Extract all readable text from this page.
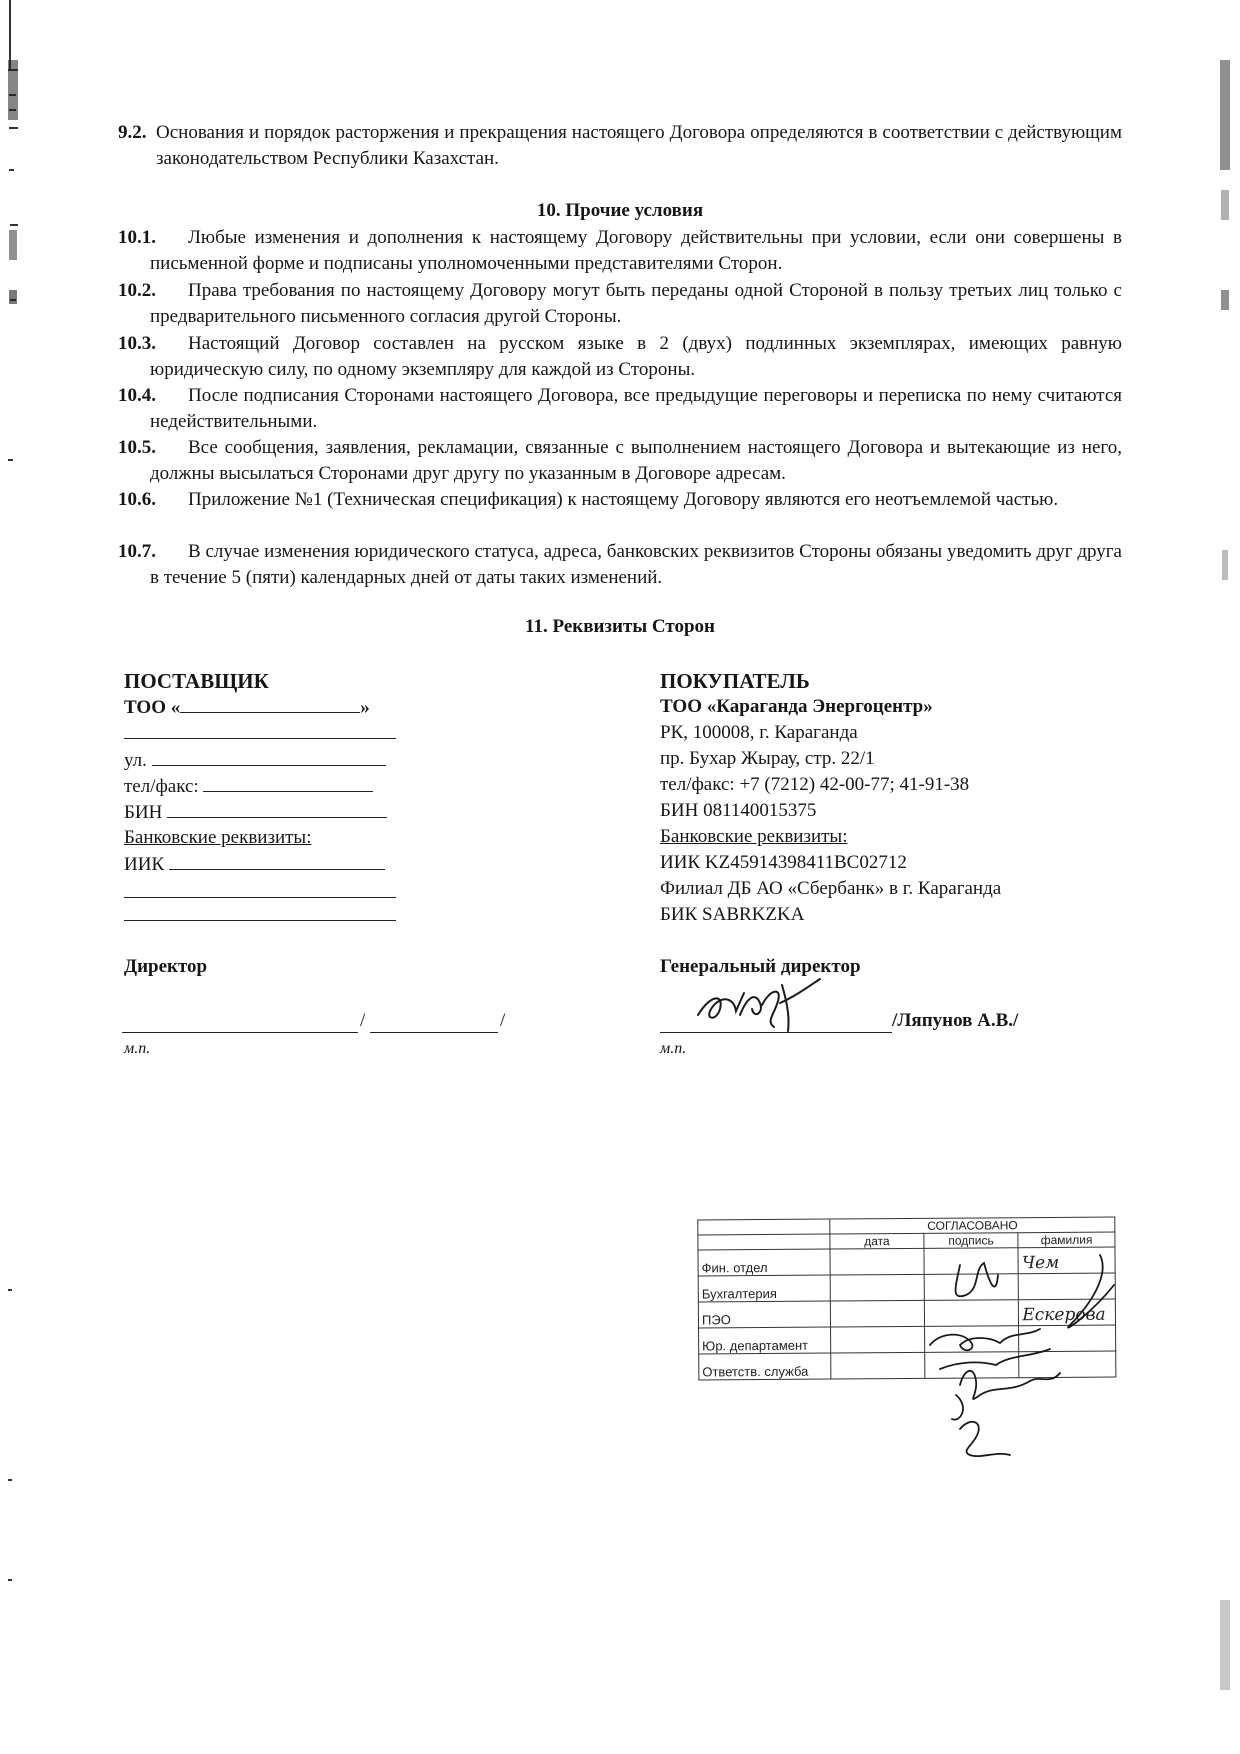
9.2. Основания и порядок расторжения и прекращения настоящего Договора определяются в соответствии с действующим законодательством Республики Казахстан.
10. Прочие условия
10.1.	Любые изменения и дополнения к настоящему Договору действительны при условии, если они совершены в письменной форме и подписаны уполномоченными представителями Сторон.
10.2.	Права требования по настоящему Договору могут быть переданы одной Стороной в пользу третьих лиц только с предварительного письменного согласия другой Стороны.
10.3.	Настоящий Договор составлен на русском языке в 2 (двух) подлинных экземплярах, имеющих равную юридическую силу, по одному экземпляру для каждой из Стороны.
10.4.	После подписания Сторонами настоящего Договора, все предыдущие переговоры и переписка по нему считаются недействительными.
10.5.	Все сообщения, заявления, рекламации, связанные с выполнением настоящего Договора и вытекающие из него, должны высылаться Сторонами друг другу по указанным в Договоре адресам.
10.6.	Приложение №1 (Техническая спецификация) к настоящему Договору являются его неотъемлемой частью.
10.7.	В случае изменения юридического статуса, адреса, банковских реквизитов Стороны обязаны уведомить друг друга в течение 5 (пяти) календарных дней от даты таких изменений.
11. Реквизиты Сторон
ПОСТАВЩИК
ТОО «	»
ул.
тел/факс:
БИН
Банковские реквизиты:
ИИК
Директор
/	/
м.п.
ПОКУПАТЕЛЬ
ТОО «Караганда Энергоцентр»
РК, 100008, г. Караганда
пр. Бухар Жырау, стр. 22/1
тел/факс: +7 (7212) 42-00-77; 41-91-38
БИН 081140015375
Банковские реквизиты:
ИИК KZ45914398411BC02712
Филиал ДБ АО «Сбербанк» в г. Караганда
БИК SABRKZKA
Генеральный директор
/Ляпунов А.В./
м.п.
	СОГЛАСОВАНО		
	дата	подпись	фамилия
Фин. отдел			Чем
Бухгалтерия			
ПЭО			Ескерова
Юр. департамент			
Ответств. служба			
